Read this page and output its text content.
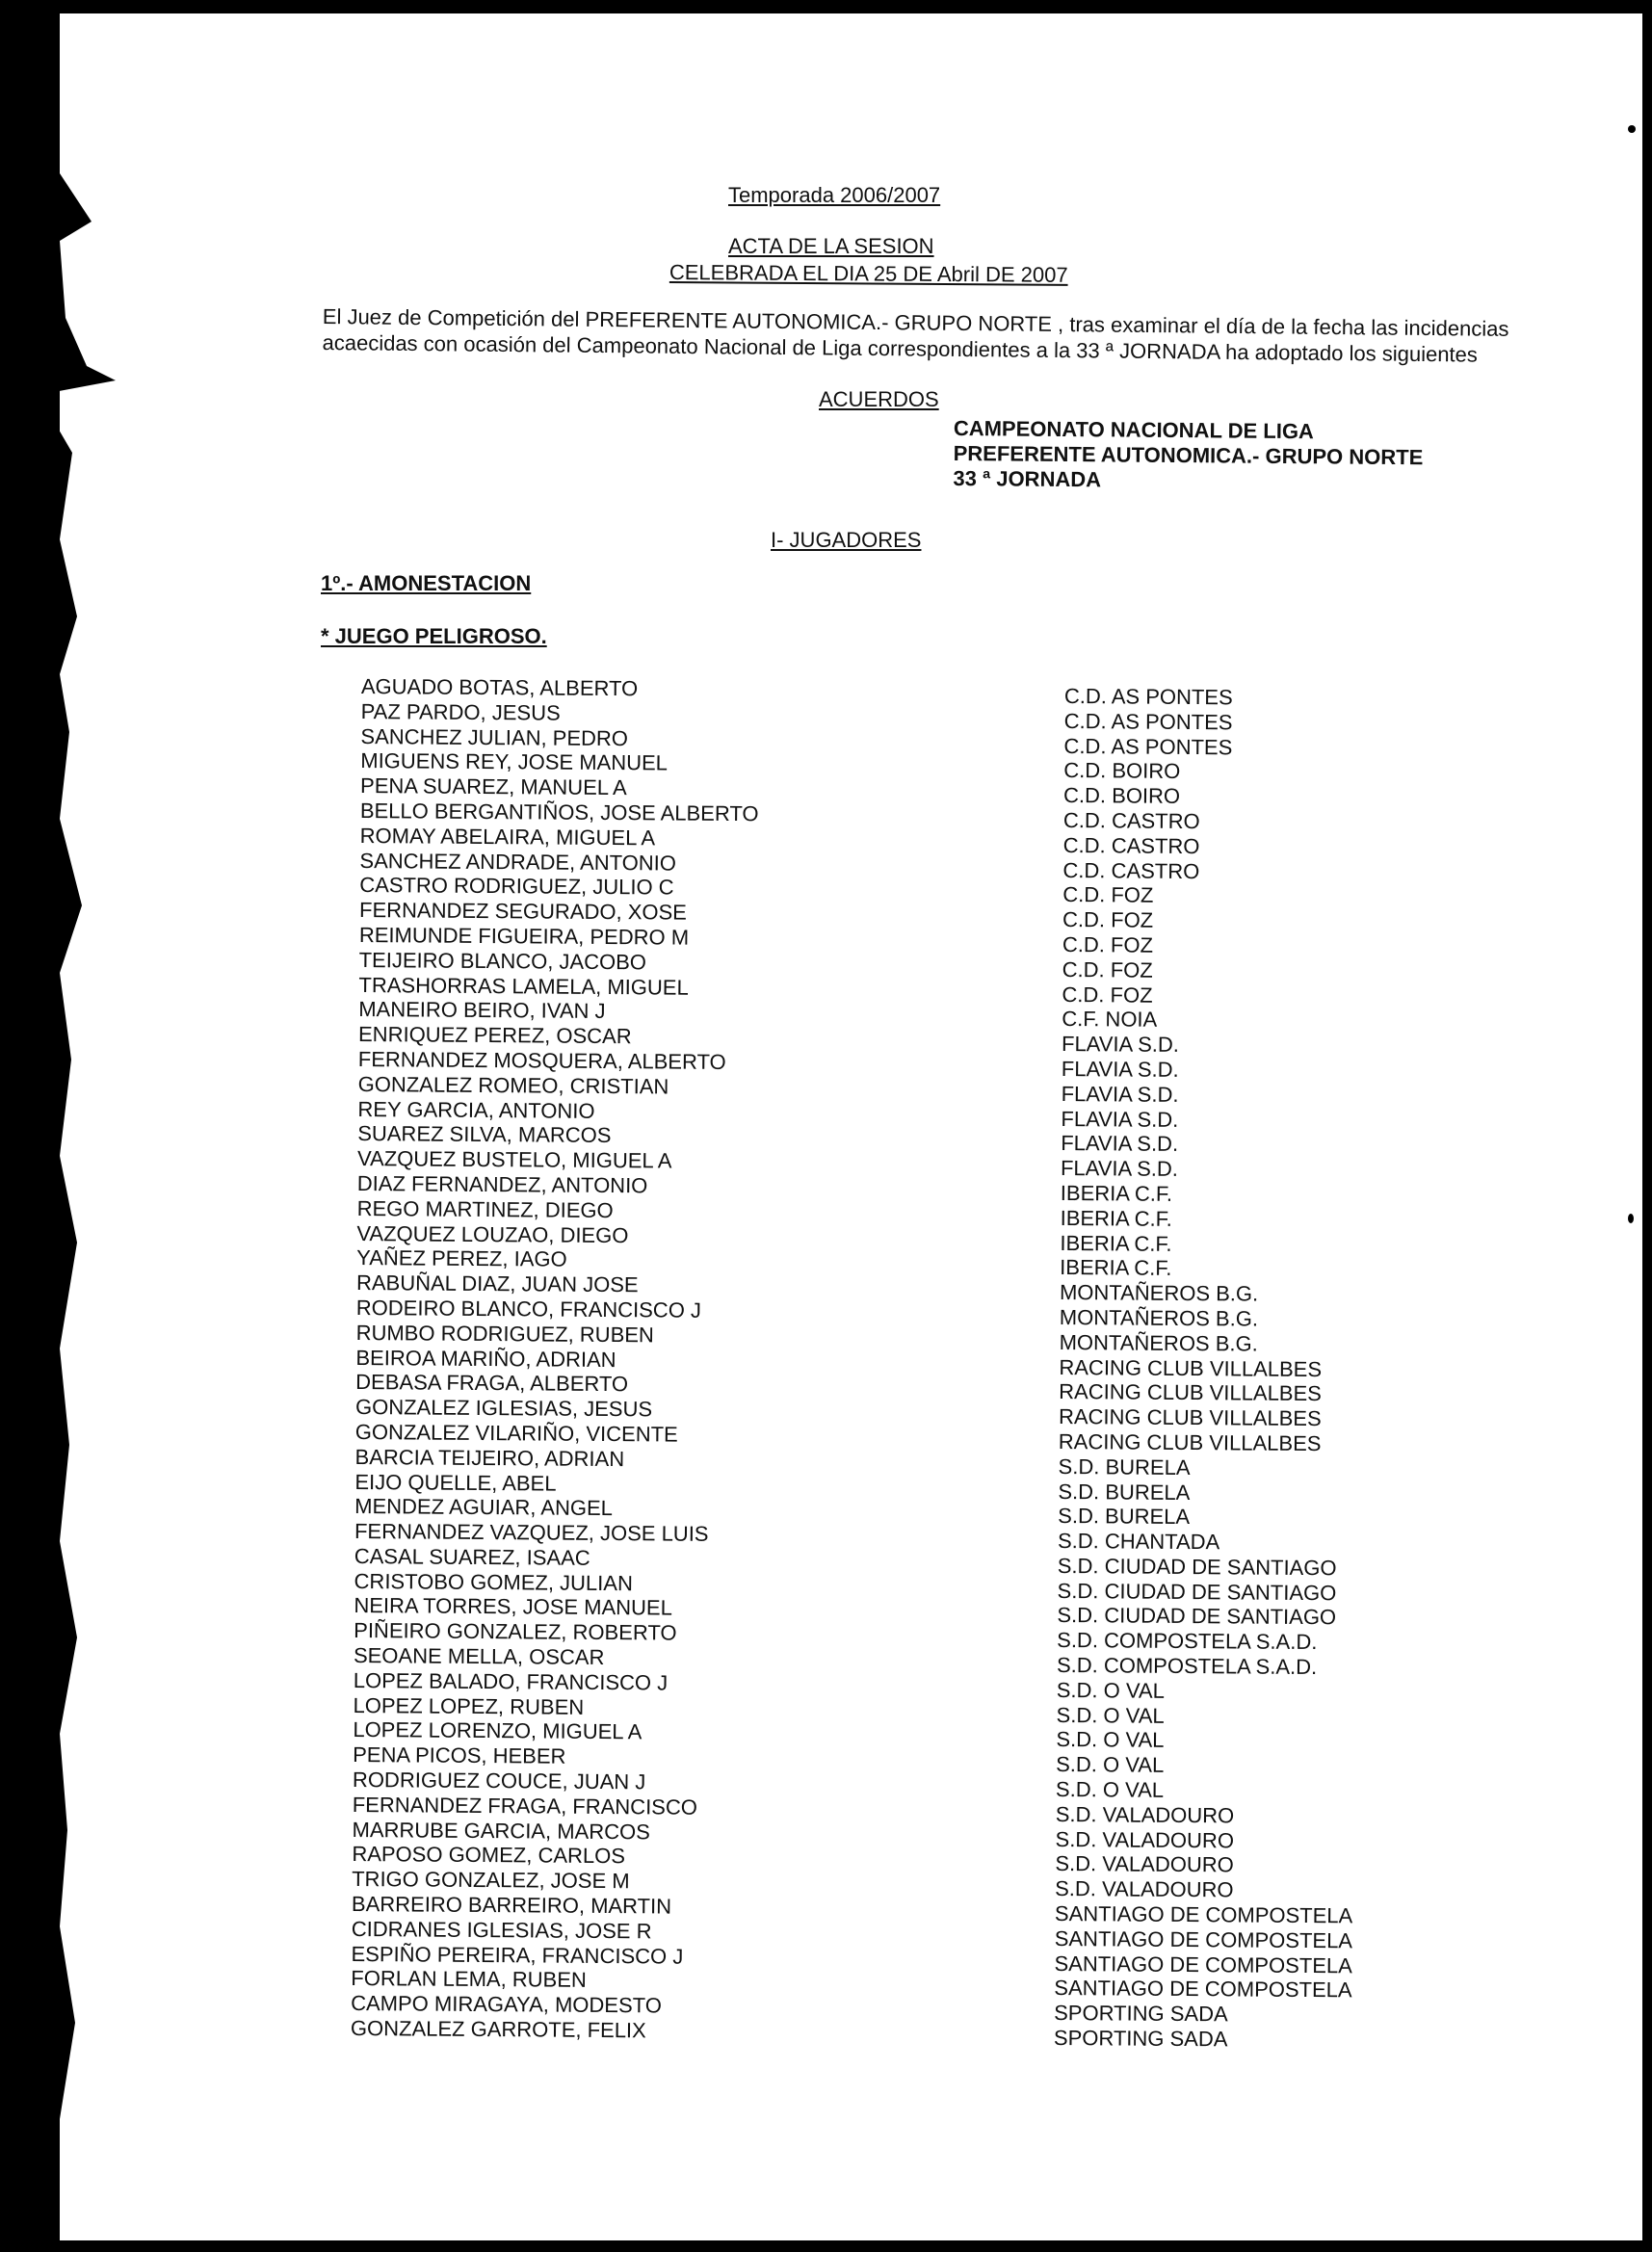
Temporada 2006/2007
ACTA DE LA SESION
CELEBRADA EL DIA 25 DE Abril DE 2007
El Juez de Competición del PREFERENTE AUTONOMICA.- GRUPO NORTE , tras examinar el día de la fecha las incidencias acaecidas con ocasión del Campeonato Nacional de Liga correspondientes a la 33 ª JORNADA ha adoptado los siguientes
ACUERDOS
CAMPEONATO NACIONAL DE LIGA
PREFERENTE AUTONOMICA.- GRUPO NORTE
33 ª JORNADA
I- JUGADORES
1º.- AMONESTACION
* JUEGO PELIGROSO.
AGUADO BOTAS, ALBERTO
PAZ PARDO, JESUS
SANCHEZ JULIAN, PEDRO
MIGUENS REY, JOSE MANUEL
PENA SUAREZ, MANUEL A
BELLO BERGANTIÑOS, JOSE ALBERTO
ROMAY ABELAIRA, MIGUEL A
SANCHEZ ANDRADE, ANTONIO
CASTRO RODRIGUEZ, JULIO C
FERNANDEZ SEGURADO, XOSE
REIMUNDE FIGUEIRA, PEDRO M
TEIJEIRO BLANCO, JACOBO
TRASHORRAS LAMELA, MIGUEL
MANEIRO BEIRO, IVAN J
ENRIQUEZ PEREZ, OSCAR
FERNANDEZ MOSQUERA, ALBERTO
GONZALEZ ROMEO, CRISTIAN
REY GARCIA, ANTONIO
SUAREZ SILVA, MARCOS
VAZQUEZ BUSTELO, MIGUEL A
DIAZ FERNANDEZ, ANTONIO
REGO MARTINEZ, DIEGO
VAZQUEZ LOUZAO, DIEGO
YAÑEZ PEREZ, IAGO
RABUÑAL DIAZ, JUAN JOSE
RODEIRO BLANCO, FRANCISCO J
RUMBO RODRIGUEZ, RUBEN
BEIROA MARIÑO, ADRIAN
DEBASA FRAGA, ALBERTO
GONZALEZ IGLESIAS, JESUS
GONZALEZ VILARIÑO, VICENTE
BARCIA TEIJEIRO, ADRIAN
EIJO QUELLE, ABEL
MENDEZ AGUIAR, ANGEL
FERNANDEZ VAZQUEZ, JOSE LUIS
CASAL SUAREZ, ISAAC
CRISTOBO GOMEZ, JULIAN
NEIRA TORRES, JOSE MANUEL
PIÑEIRO GONZALEZ, ROBERTO
SEOANE MELLA, OSCAR
LOPEZ BALADO, FRANCISCO J
LOPEZ LOPEZ, RUBEN
LOPEZ LORENZO, MIGUEL A
PENA PICOS, HEBER
RODRIGUEZ COUCE, JUAN J
FERNANDEZ FRAGA, FRANCISCO
MARRUBE GARCIA, MARCOS
RAPOSO GOMEZ, CARLOS
TRIGO GONZALEZ, JOSE M
BARREIRO BARREIRO, MARTIN
CIDRANES IGLESIAS, JOSE R
ESPIÑO PEREIRA, FRANCISCO J
FORLAN LEMA, RUBEN
CAMPO MIRAGAYA, MODESTO
GONZALEZ GARROTE, FELIX
C.D. AS PONTES
C.D. AS PONTES
C.D. AS PONTES
C.D. BOIRO
C.D. BOIRO
C.D. CASTRO
C.D. CASTRO
C.D. CASTRO
C.D. FOZ
C.D. FOZ
C.D. FOZ
C.D. FOZ
C.D. FOZ
C.F. NOIA
FLAVIA S.D.
FLAVIA S.D.
FLAVIA S.D.
FLAVIA S.D.
FLAVIA S.D.
FLAVIA S.D.
IBERIA C.F.
IBERIA C.F.
IBERIA C.F.
IBERIA C.F.
MONTAÑEROS B.G.
MONTAÑEROS B.G.
MONTAÑEROS B.G.
RACING CLUB VILLALBES
RACING CLUB VILLALBES
RACING CLUB VILLALBES
RACING CLUB VILLALBES
S.D. BURELA
S.D. BURELA
S.D. BURELA
S.D. CHANTADA
S.D. CIUDAD DE SANTIAGO
S.D. CIUDAD DE SANTIAGO
S.D. CIUDAD DE SANTIAGO
S.D. COMPOSTELA S.A.D.
S.D. COMPOSTELA S.A.D.
S.D. O VAL
S.D. O VAL
S.D. O VAL
S.D. O VAL
S.D. O VAL
S.D. VALADOURO
S.D. VALADOURO
S.D. VALADOURO
S.D. VALADOURO
SANTIAGO DE COMPOSTELA
SANTIAGO DE COMPOSTELA
SANTIAGO DE COMPOSTELA
SANTIAGO DE COMPOSTELA
SPORTING SADA
SPORTING SADA
